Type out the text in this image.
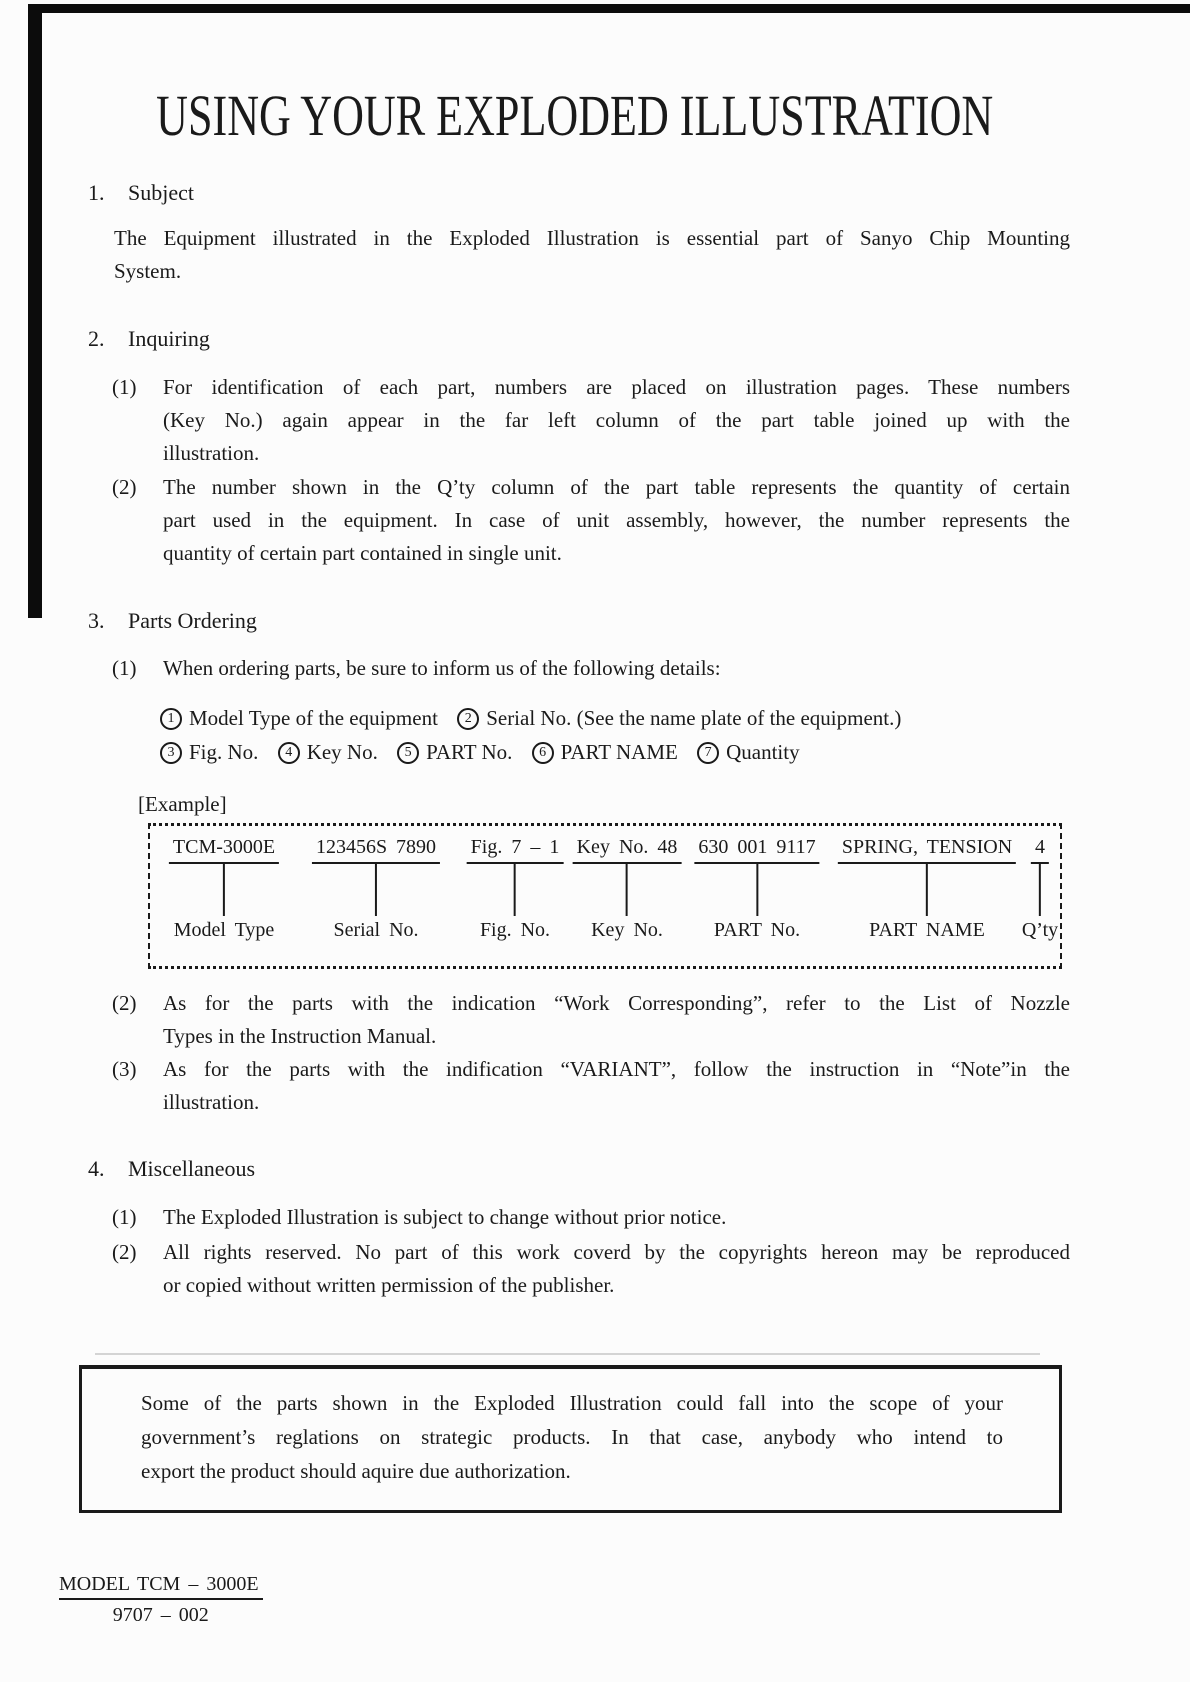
USING YOUR EXPLODED ILLUSTRATION
1. Subject
The Equipment illustrated in the Exploded Illustration is essential part of Sanyo Chip Mounting
System.
2. Inquiring
(1) For identification of each part, numbers are placed on illustration pages. These numbers
(Key No.) again appear in the far left column of the part table joined up with the
illustration.
(2) The number shown in the Q’ty column of the part table represents the quantity of certain
part used in the equipment. In case of unit assembly, however, the number represents the
quantity of certain part contained in single unit.
3. Parts Ordering
(1) When ordering parts, be sure to inform us of the following details:
1 Model Type of the equipment 2 Serial No. (See the name plate of the equipment.)
3 Fig. No. 4 Key No. 5 PART No. 6 PART NAME 7 Quantity
[Example]
TCM-3000E
Model Type
123456S 7890
Serial No.
Fig. 7 – 1
Fig. No.
Key No. 48
Key No.
630 001 9117
PART No.
SPRING, TENSION
PART NAME
4
Q’ty
(2) As for the parts with the indication “Work Corresponding”, refer to the List of Nozzle
Types in the Instruction Manual.
(3) As for the parts with the indification “VARIANT”, follow the instruction in “Note”in the
illustration.
4. Miscellaneous
(1) The Exploded Illustration is subject to change without prior notice.
(2) All rights reserved. No part of this work coverd by the copyrights hereon may be reproduced
or copied without written permission of the publisher.
Some of the parts shown in the Exploded Illustration could fall into the scope of your
government’s reglations on strategic products. In that case, anybody who intend to
export the product should aquire due authorization.
MODEL TCM – 3000E
9707 – 002
